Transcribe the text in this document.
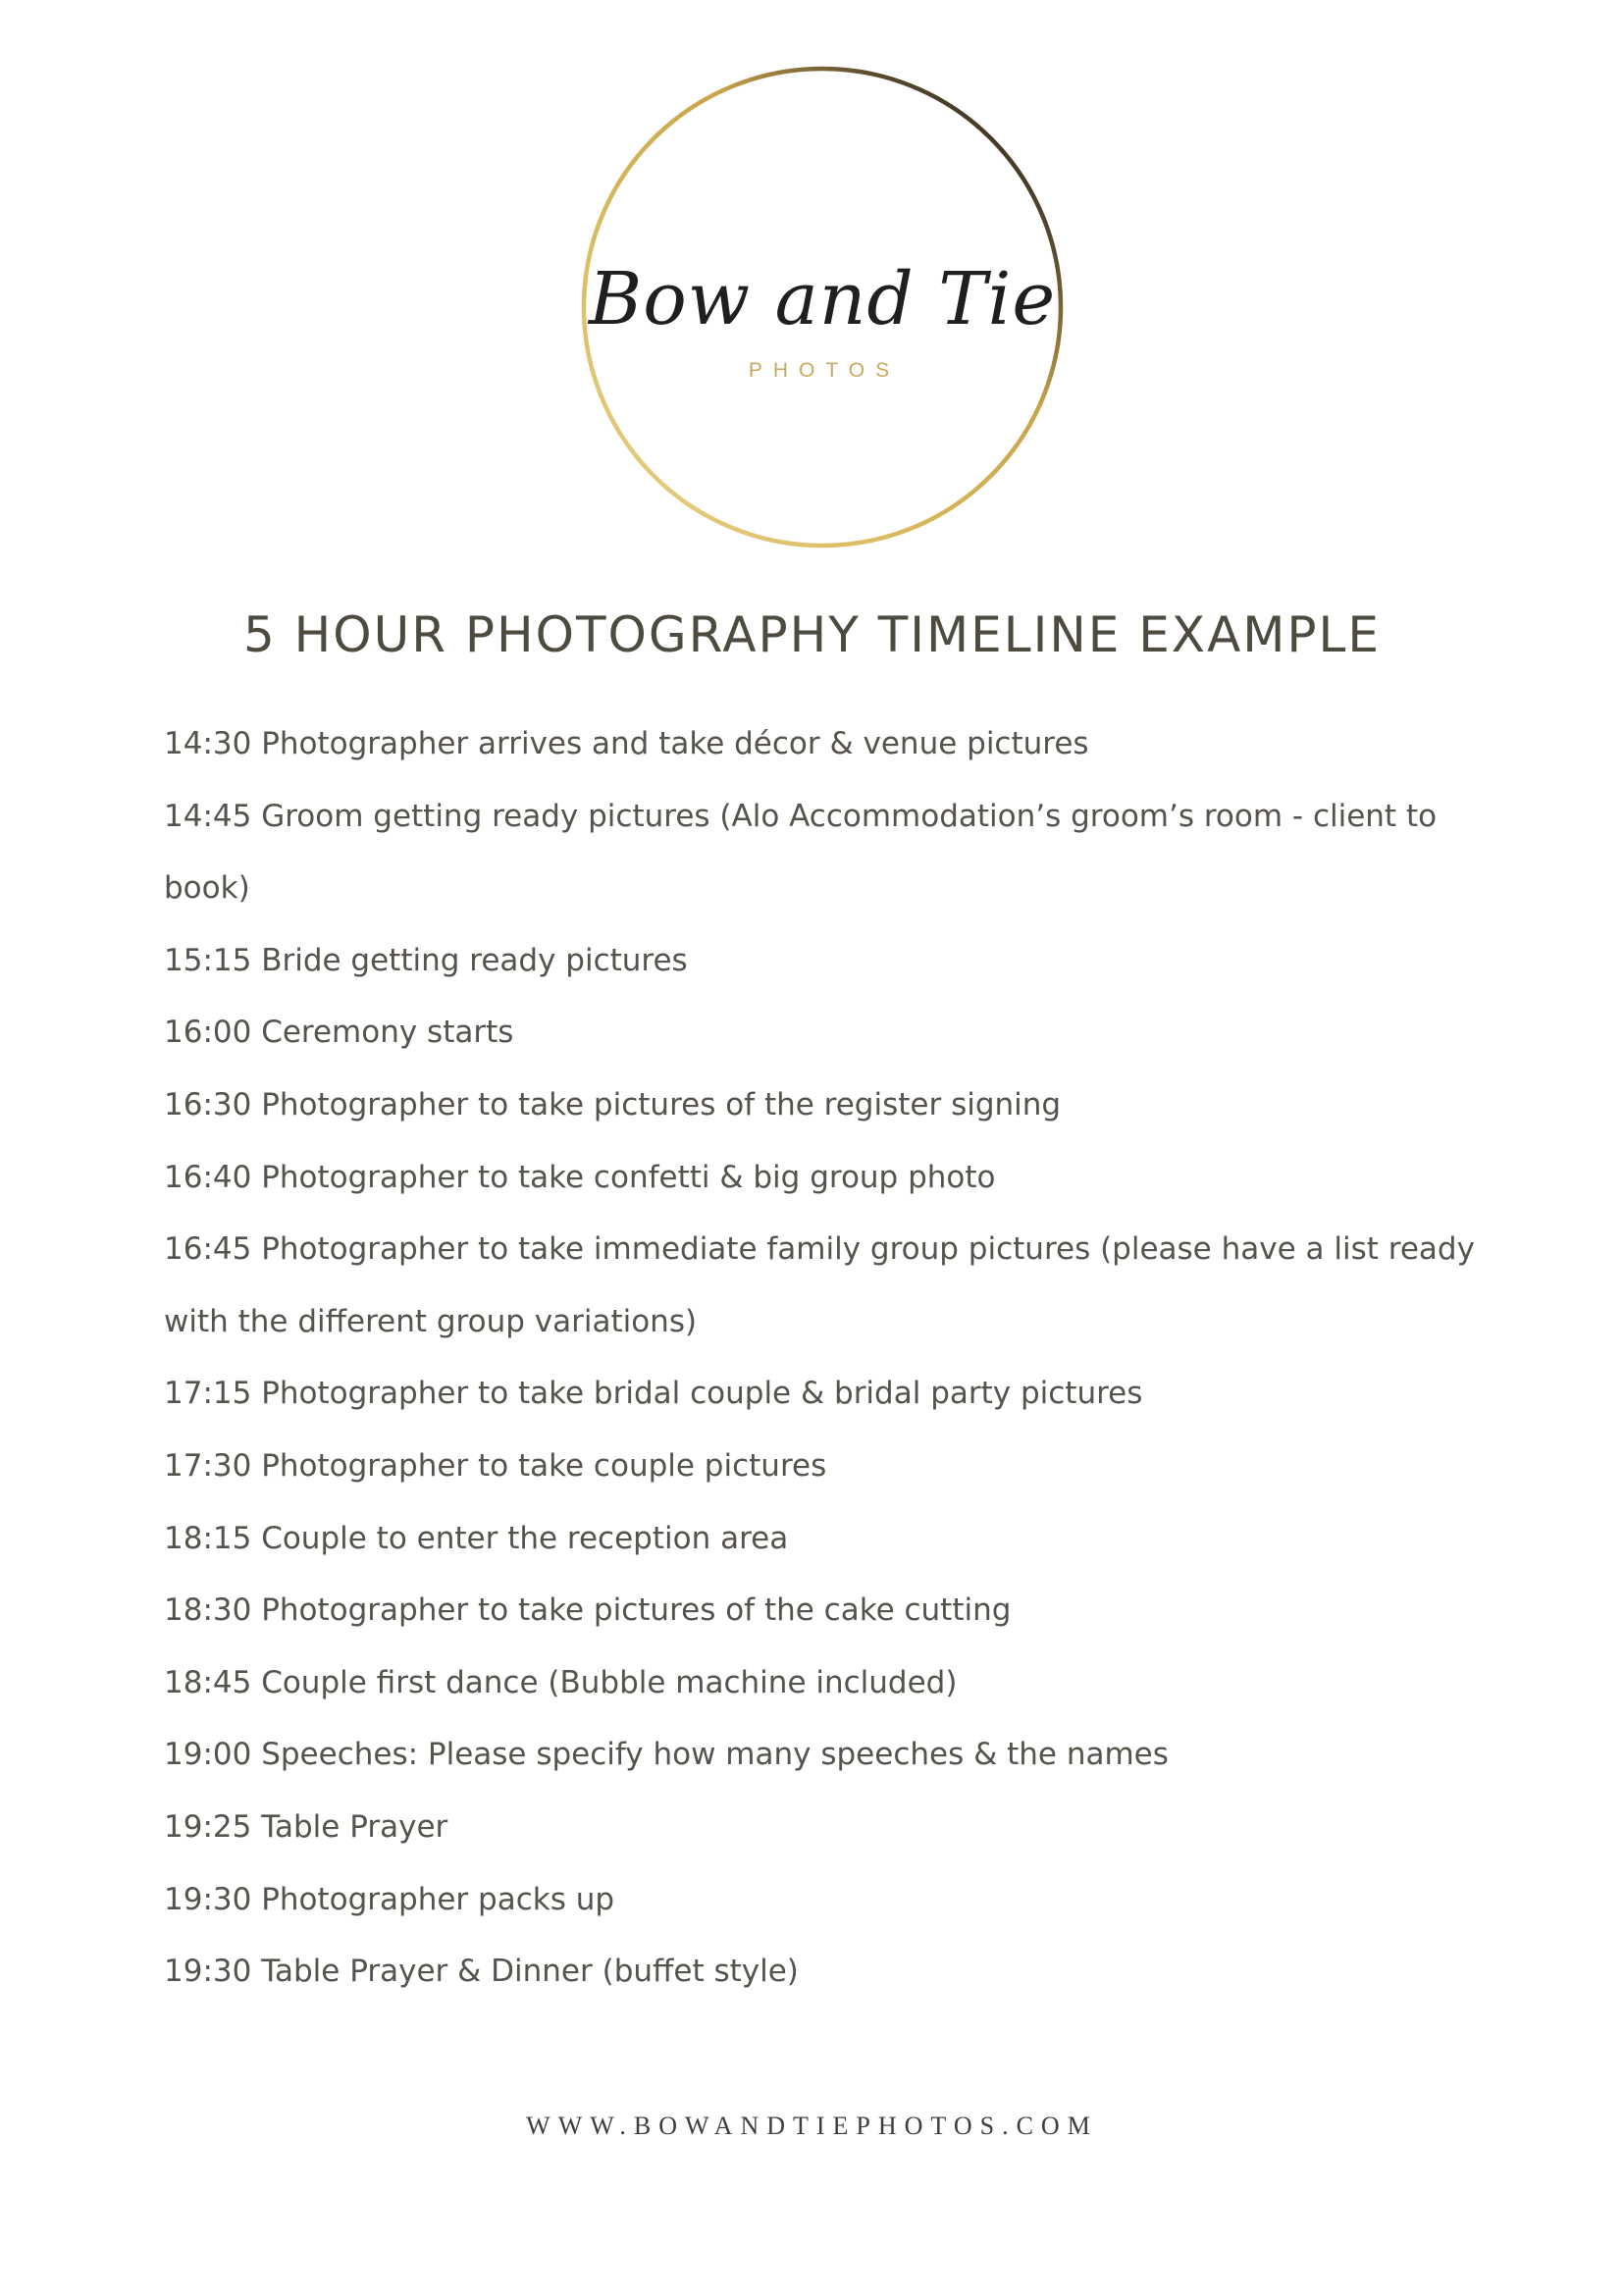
Bow and Tie
PHOTOS
5 HOUR PHOTOGRAPHY TIMELINE EXAMPLE
14:30 Photographer arrives and take décor & venue pictures
14:45 Groom getting ready pictures (Alo Accommodation’s groom’s room - client to book)
15:15 Bride getting ready pictures
16:00 Ceremony starts
16:30 Photographer to take pictures of the register signing
16:40 Photographer to take confetti & big group photo
16:45 Photographer to take immediate family group pictures (please have a list ready with the different group variations)
17:15 Photographer to take bridal couple & bridal party pictures
17:30 Photographer to take couple pictures
18:15 Couple to enter the reception area
18:30 Photographer to take pictures of the cake cutting
18:45 Couple first dance (Bubble machine included)
19:00 Speeches: Please specify how many speeches & the names
19:25 Table Prayer
19:30 Photographer packs up
19:30 Table Prayer & Dinner (buffet style)
WWW.BOWANDTIEPHOTOS.COM
